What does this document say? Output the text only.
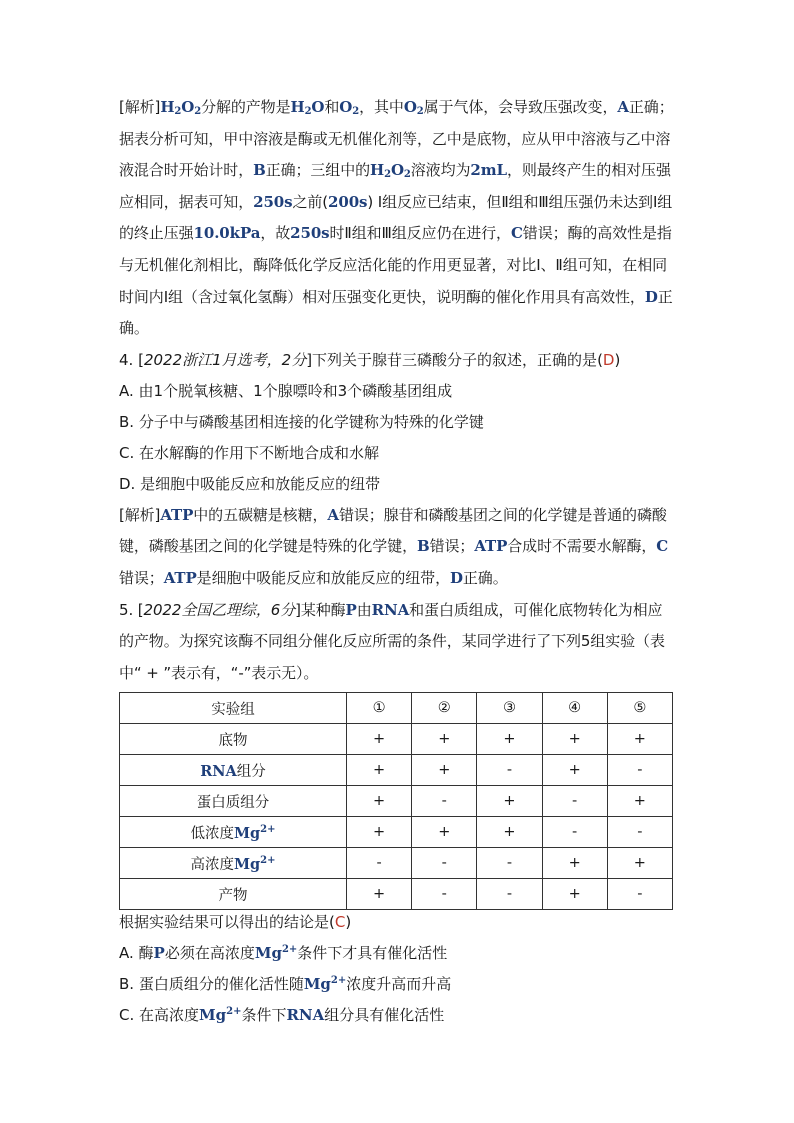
[解析]$H_2O_2$分解的产物是$H_2O$和$O_2$，其中$O_2$属于气体，会导致压强改变，A正确；据表分析可知，甲中溶液是酶或无机催化剂等，乙中是底物，应从甲中溶液与乙中溶液混合时开始计时，B正确；三组中的$H_2O_2$溶液均为2mL，则最终产生的相对压强应相同，据表可知，250s之前(200s) Ⅰ组反应已结束，但Ⅱ组和Ⅲ组压强仍未达到Ⅰ组的终止压强10.0kPa，故250s时Ⅱ组和Ⅲ组反应仍在进行，C错误；酶的高效性是指与无机催化剂相比，酶降低化学反应活化能的作用更显著，对比Ⅰ、Ⅱ组可知，在相同时间内Ⅰ组（含过氧化氢酶）相对压强变化更快，说明酶的催化作用具有高效性，D正确。
4. [2022浙江1月选考，2分]下列关于腺苷三磷酸分子的叙述，正确的是(D)
A. 由1个脱氧核糖、1个腺嘌呤和3个磷酸基团组成
B. 分子中与磷酸基团相连接的化学键称为特殊的化学键
C. 在水解酶的作用下不断地合成和水解
D. 是细胞中吸能反应和放能反应的纽带
[解析]ATP中的五碳糖是核糖，A错误；腺苷和磷酸基团之间的化学键是普通的磷酸键，磷酸基团之间的化学键是特殊的化学键，B错误；ATP合成时不需要水解酶，C错误；ATP是细胞中吸能反应和放能反应的纽带，D正确。
5. [2022全国乙理综，6分]某种酶P由RNA和蛋白质组成，可催化底物转化为相应的产物。为探究该酶不同组分催化反应所需的条件，某同学进行了下列5组实验（表中“ + ”表示有，“-”表示无）。
实验组	①	②	③	④	⑤
底物	+	+	+	+	+
RNA组分	+	+	-	+	-
蛋白质组分	+	-	+	-	+
低浓度$Mg^{2+}$	+	+	+	-	-
高浓度$Mg^{2+}$	-	-	-	+	+
产物	+	-	-	+	-
根据实验结果可以得出的结论是(C)
A. 酶P必须在高浓度$Mg^{2+}$条件下才具有催化活性
B. 蛋白质组分的催化活性随$Mg^{2+}$浓度升高而升高
C. 在高浓度$Mg^{2+}$条件下RNA组分具有催化活性
